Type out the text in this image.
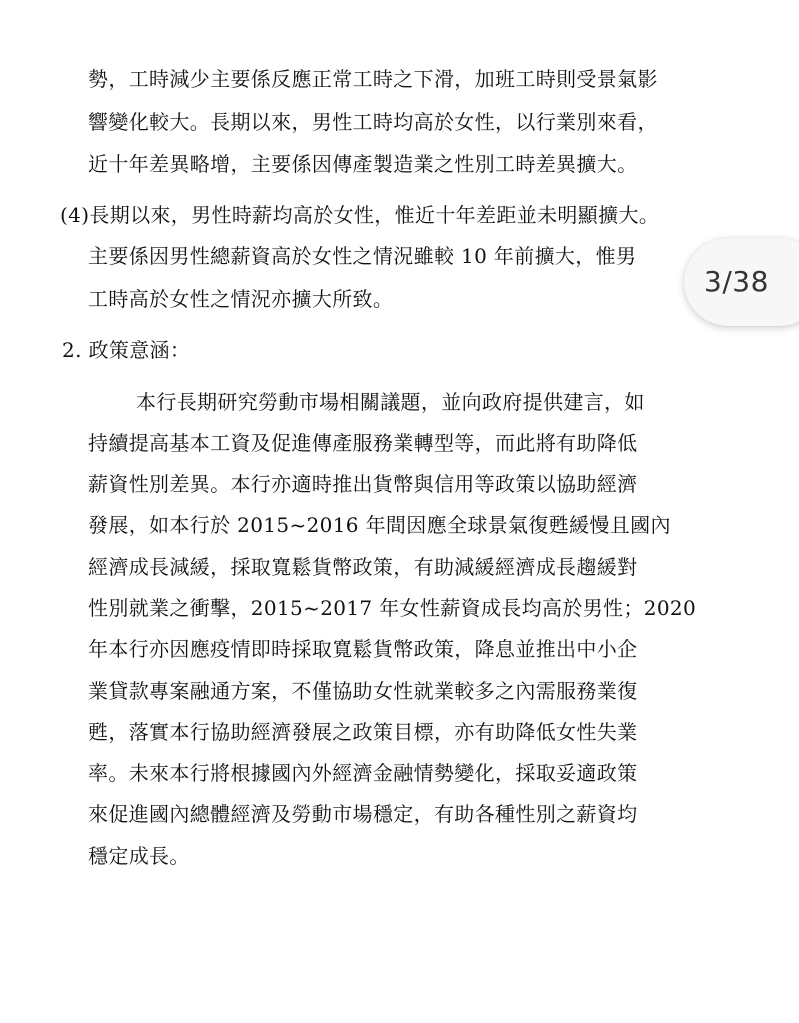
勢，工時減少主要係反應正常工時之下滑，加班工時則受景氣影
響變化較大。長期以來，男性工時均高於女性，以行業別來看，
近十年差異略增，主要係因傳產製造業之性別工時差異擴大。
(4)長期以來，男性時薪均高於女性，惟近十年差距並未明顯擴大。
主要係因男性總薪資高於女性之情況雖較 10 年前擴大，惟男
工時高於女性之情況亦擴大所致。
2. 政策意涵：
本行長期研究勞動市場相關議題，並向政府提供建言，如
持續提高基本工資及促進傳產服務業轉型等，而此將有助降低
薪資性別差異。本行亦適時推出貨幣與信用等政策以協助經濟
發展，如本行於 2015~2016 年間因應全球景氣復甦緩慢且國內
經濟成長減緩，採取寬鬆貨幣政策，有助減緩經濟成長趨緩對
性別就業之衝擊，2015~2017 年女性薪資成長均高於男性；2020
年本行亦因應疫情即時採取寬鬆貨幣政策，降息並推出中小企
業貸款專案融通方案，不僅協助女性就業較多之內需服務業復
甦，落實本行協助經濟發展之政策目標，亦有助降低女性失業
率。未來本行將根據國內外經濟金融情勢變化，採取妥適政策
來促進國內總體經濟及勞動市場穩定，有助各種性別之薪資均
穩定成長。
3/38
